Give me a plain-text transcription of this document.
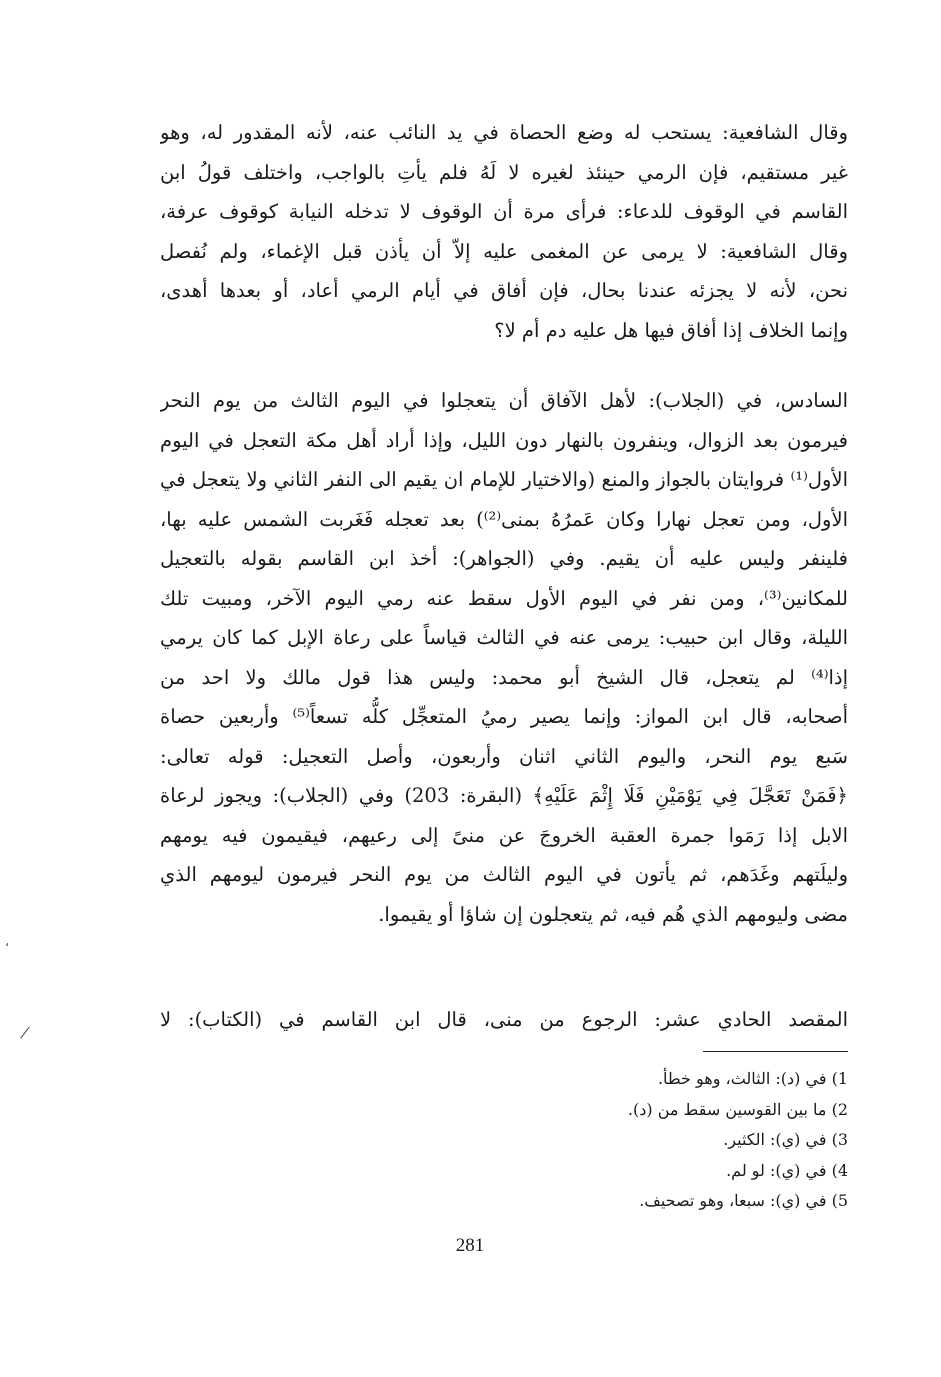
وقال الشافعية: يستحب له وضع الحصاة في يد النائب عنه، لأنه المقدور له، وهو
غير مستقيم، فإن الرمي حينئذ لغيره لا لَهُ فلم يأتِ بالواجب، واختلف قولُ ابن
القاسم في الوقوف للدعاء: فرأى مرة أن الوقوف لا تدخله النيابة كوقوف عرفة،
وقال الشافعية: لا يرمى عن المغمى عليه إلاّ أن يأذن قبل الإغماء، ولم نُفصل
نحن، لأنه لا يجزئه عندنا بحال، فإن أفاق في أيام الرمي أعاد، أو بعدها أهدى،
وإنما الخلاف إذا أفاق فيها هل عليه دم أم لا؟
السادس، في (الجلاب): لأهل الآفاق أن يتعجلوا في اليوم الثالث من يوم النحر
فيرمون بعد الزوال، وينفرون بالنهار دون الليل، وإذا أراد أهل مكة التعجل في اليوم
الأول⁽¹⁾ فروايتان بالجواز والمنع (والاختيار للإمام ان يقيم الى النفر الثاني ولا يتعجل في
الأول، ومن تعجل نهارا وكان عَمرُهُ بمنى⁽²⁾) بعد تعجله فَغَربت الشمس عليه بها،
فلينفر وليس عليه أن يقيم. وفي (الجواهر): أخذ ابن القاسم بقوله بالتعجيل
للمكانين⁽³⁾، ومن نفر في اليوم الأول سقط عنه رمي اليوم الآخر، ومبيت تلك
الليلة، وقال ابن حبيب: يرمى عنه في الثالث قياساً على رعاة الإبل كما كان يرمي
إذا⁽⁴⁾ لم يتعجل، قال الشيخ أبو محمد: وليس هذا قول مالك ولا احد من
أصحابه، قال ابن المواز: وإنما يصير رميُ المتعجِّل كلُّه تسعاً⁽⁵⁾ وأربعين حصاة
سَبع يوم النحر، واليوم الثاني اثنان وأربعون، وأصل التعجيل: قوله تعالى:
﴿فَمَنْ تَعَجَّلَ فِي يَوْمَيْنِ فَلَا إِثْمَ عَلَيْهِ﴾ (البقرة: 203) وفي (الجلاب): ويجوز لرعاة
الابل إذا رَمَوا جمرة العقبة الخروجَ عن منىً إلى رعيهم، فيقيمون فيه يومهم
وليلَتهم وغَدَهم، ثم يأتون في اليوم الثالث من يوم النحر فيرمون ليومهم الذي
مضى وليومهم الذي هُم فيه، ثم يتعجلون إن شاؤا أو يقيموا.
المقصد الحادي عشر: الرجوع من منى، قال ابن القاسم في (الكتاب): لا
1) في (د): الثالث، وهو خطأ.
2) ما بين القوسين سقط من (د).
3) في (ي): الكثير.
4) في (ي): لو لم.
5) في (ي): سبعا، وهو تصحيف.
281
،
/
